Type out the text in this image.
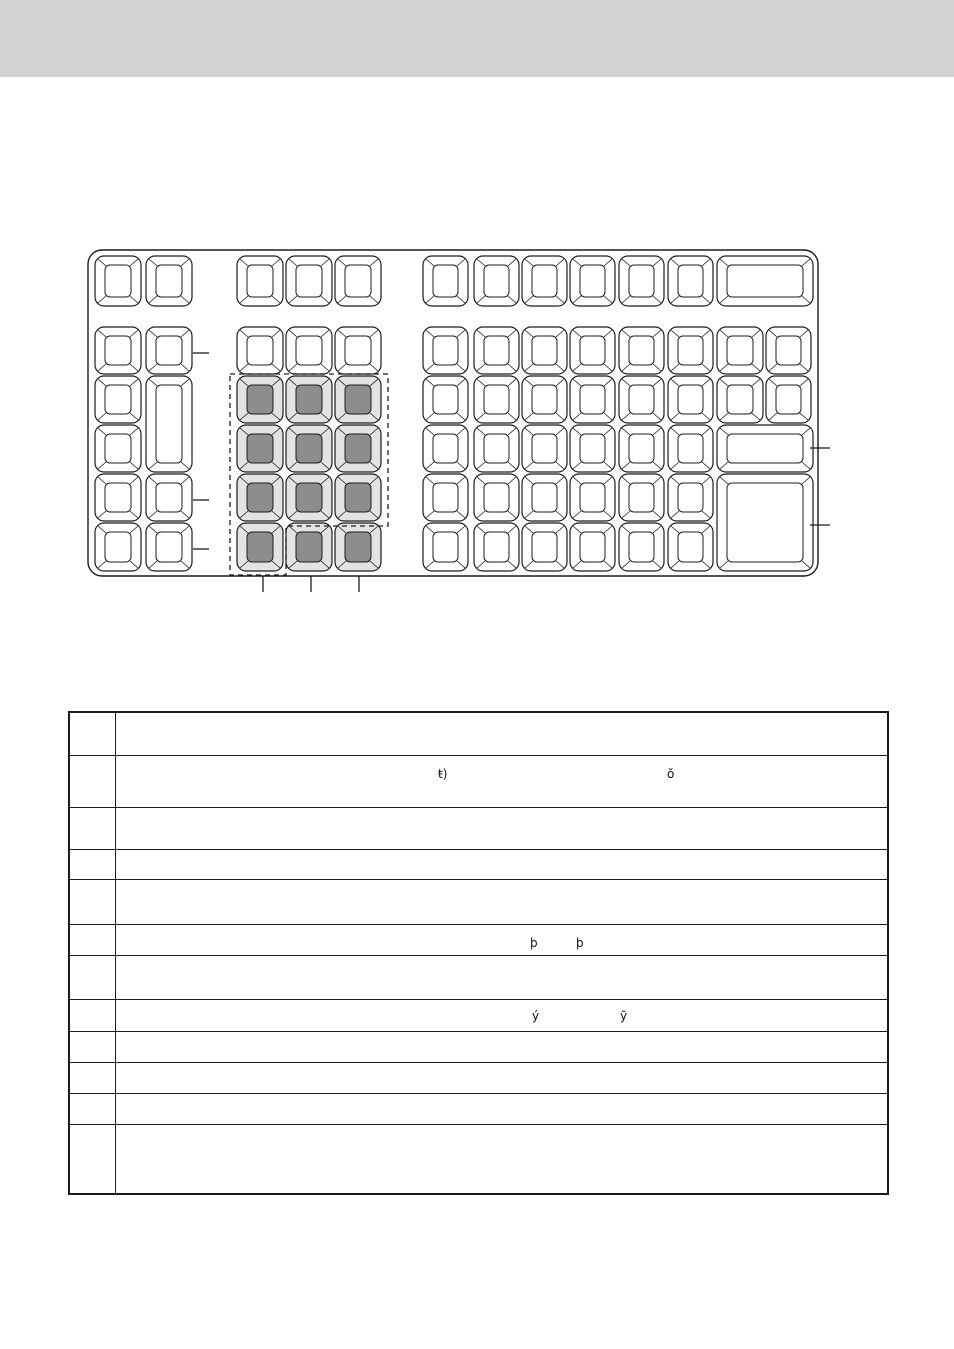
ŧ)	ŏ
þ	þ
ý	ỹ
